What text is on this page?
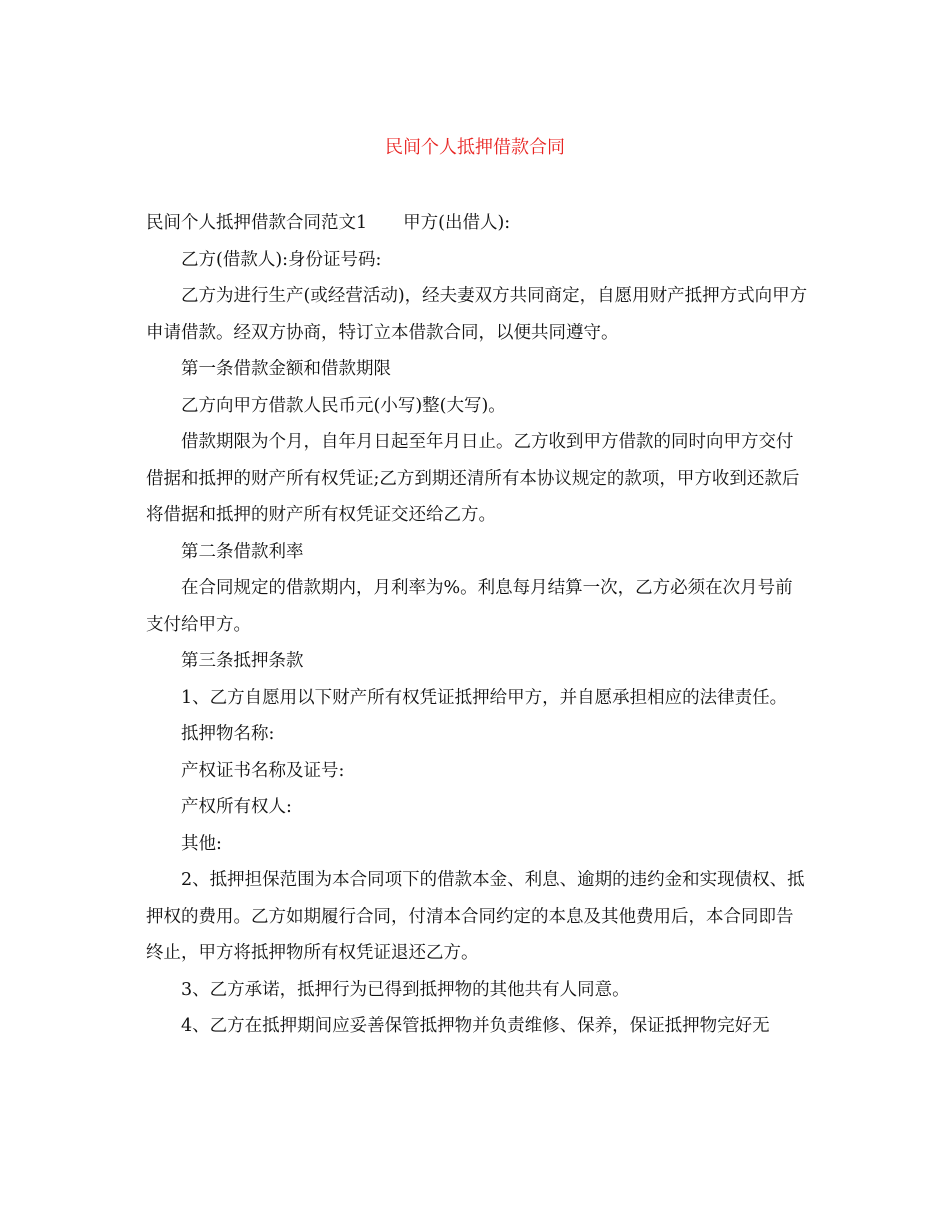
民间个人抵押借款合同

民间个人抵押借款合同范文1 甲方(出借人):

乙方(借款人):身份证号码:

乙方为进行生产(或经营活动)，经夫妻双方共同商定，自愿用财产抵押方式向甲方申请借款。经双方协商，特订立本借款合同，以便共同遵守。

第一条借款金额和借款期限

乙方向甲方借款人民币元(小写)整(大写)。

借款期限为个月，自年月日起至年月日止。乙方收到甲方借款的同时向甲方交付借据和抵押的财产所有权凭证;乙方到期还清所有本协议规定的款项，甲方收到还款后将借据和抵押的财产所有权凭证交还给乙方。

第二条借款利率

在合同规定的借款期内，月利率为%。利息每月结算一次，乙方必须在次月号前支付给甲方。

第三条抵押条款

1、乙方自愿用以下财产所有权凭证抵押给甲方，并自愿承担相应的法律责任。

抵押物名称:

产权证书名称及证号:

产权所有权人:

其他:

2、抵押担保范围为本合同项下的借款本金、利息、逾期的违约金和实现债权、抵押权的费用。乙方如期履行合同，付清本合同约定的本息及其他费用后，本合同即告终止，甲方将抵押物所有权凭证退还乙方。

3、乙方承诺，抵押行为已得到抵押物的其他共有人同意。

4、乙方在抵押期间应妥善保管抵押物并负责维修、保养，保证抵押物完好无
